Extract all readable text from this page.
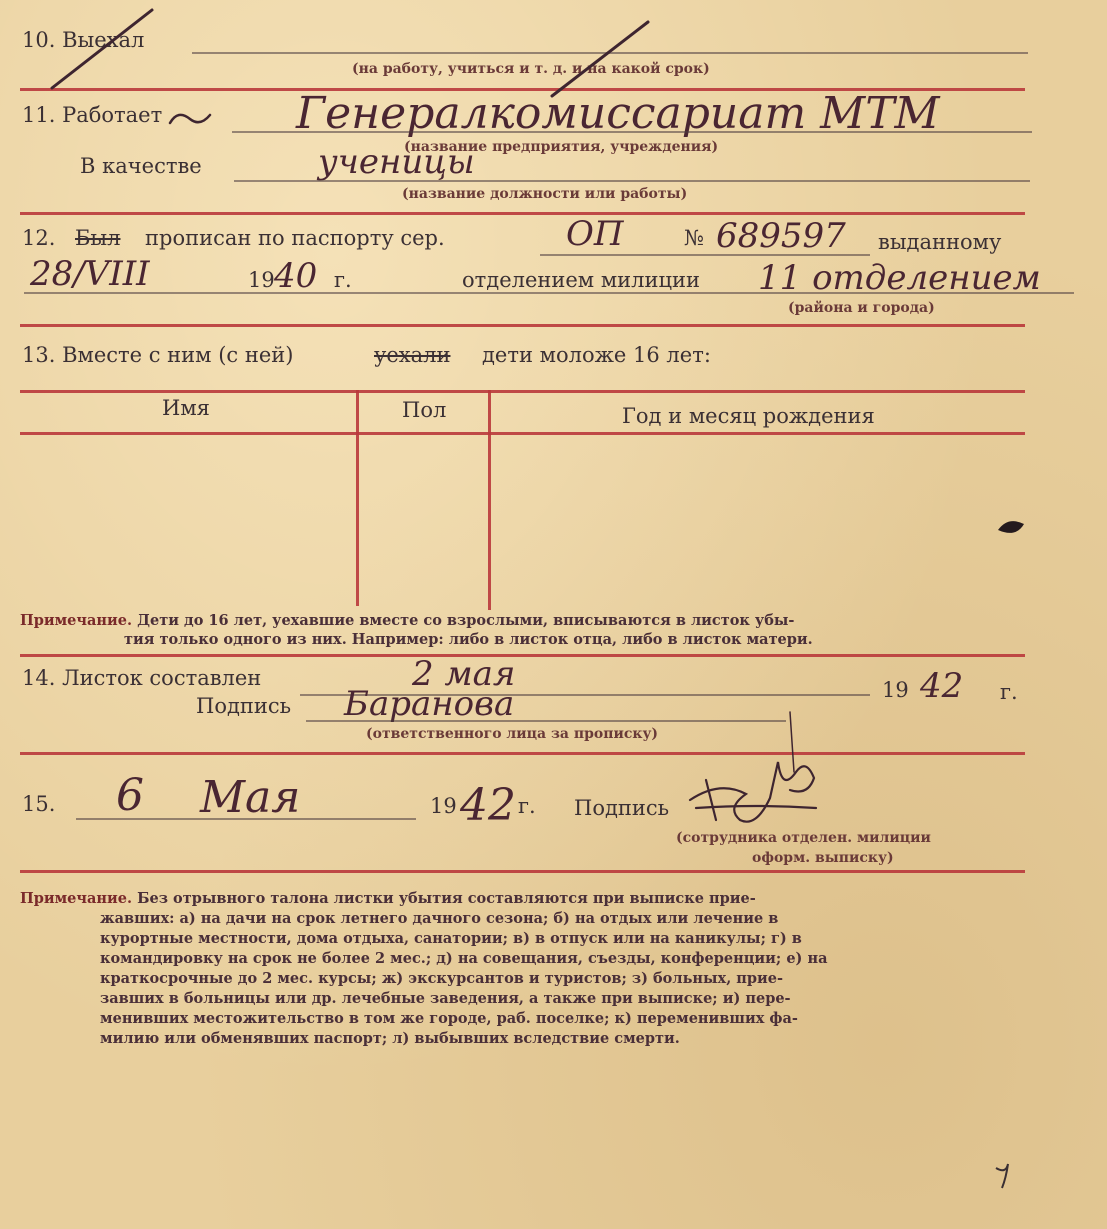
10. Выехал
(на работу, учиться и т. д. и на какой срок)
11. Работает	Генералкомиссариат МТМ
(название предприятия, учреждения)
В качестве	ученицы
(название должности или работы)
12. Был прописан по паспорту сер.	ОП	№ 689597 выданному
28/VIII	19 40 г.	отделением милиции 11 отделением
(района и города)
13. Вместе с ним (с ней)	уехали дети моложе 16 лет:
Имя	Пол	Год и месяц рождения
Примечание. Дети до 16 лет, уехавшие вместе со взрослыми, вписываются в листок убы-
тия только одного из них. Например: либо в листок отца, либо в листок матери.
14. Листок составлен	2 мая	19 42 г.
Подпись Баранова
(ответственного лица за прописку)
15. 6 Мая	19 42 г. Подпись
(сотрудника отделен. милиции
оформ. выписку)
Примечание. Без отрывного талона листки убытия составляются при выписке прие-
жавших: а) на дачи на срок летнего дачного сезона; б) на отдых или лечение в
курортные местности, дома отдыха, санатории; в) в отпуск или на каникулы; г) в
командировку на срок не более 2 мес.; д) на совещания, съезды, конференции; е) на
краткосрочные до 2 мес. курсы; ж) экскурсантов и туристов; з) больных, прие-
завших в больницы или др. лечебные заведения, а также при выписке; и) пере-
менивших местожительство в том же городе, раб. поселке; к) переменивших фа-
милию или обменявших паспорт; л) выбывших вследствие смерти.
